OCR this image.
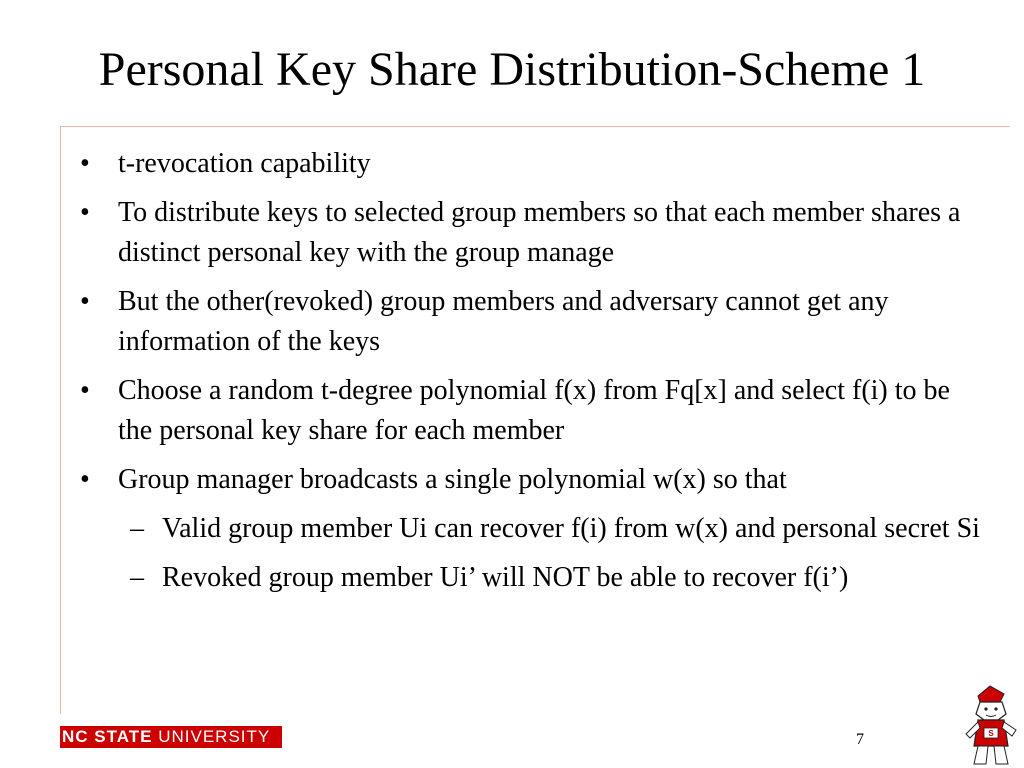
Personal Key Share Distribution-Scheme 1
• t-revocation capability
• To distribute keys to selected group members so that each member shares a distinct personal key with the group manage
• But the other(revoked) group members and adversary cannot get any information of the keys
• Choose a random t-degree polynomial f(x) from Fq[x] and select f(i) to be the personal key share for each member
• Group manager broadcasts a single polynomial w(x) so that
– Valid group member Ui can recover f(i) from w(x) and personal secret Si
– Revoked group member Ui’ will NOT be able to recover f(i’)
NC STATE UNIVERSITY	7	S
